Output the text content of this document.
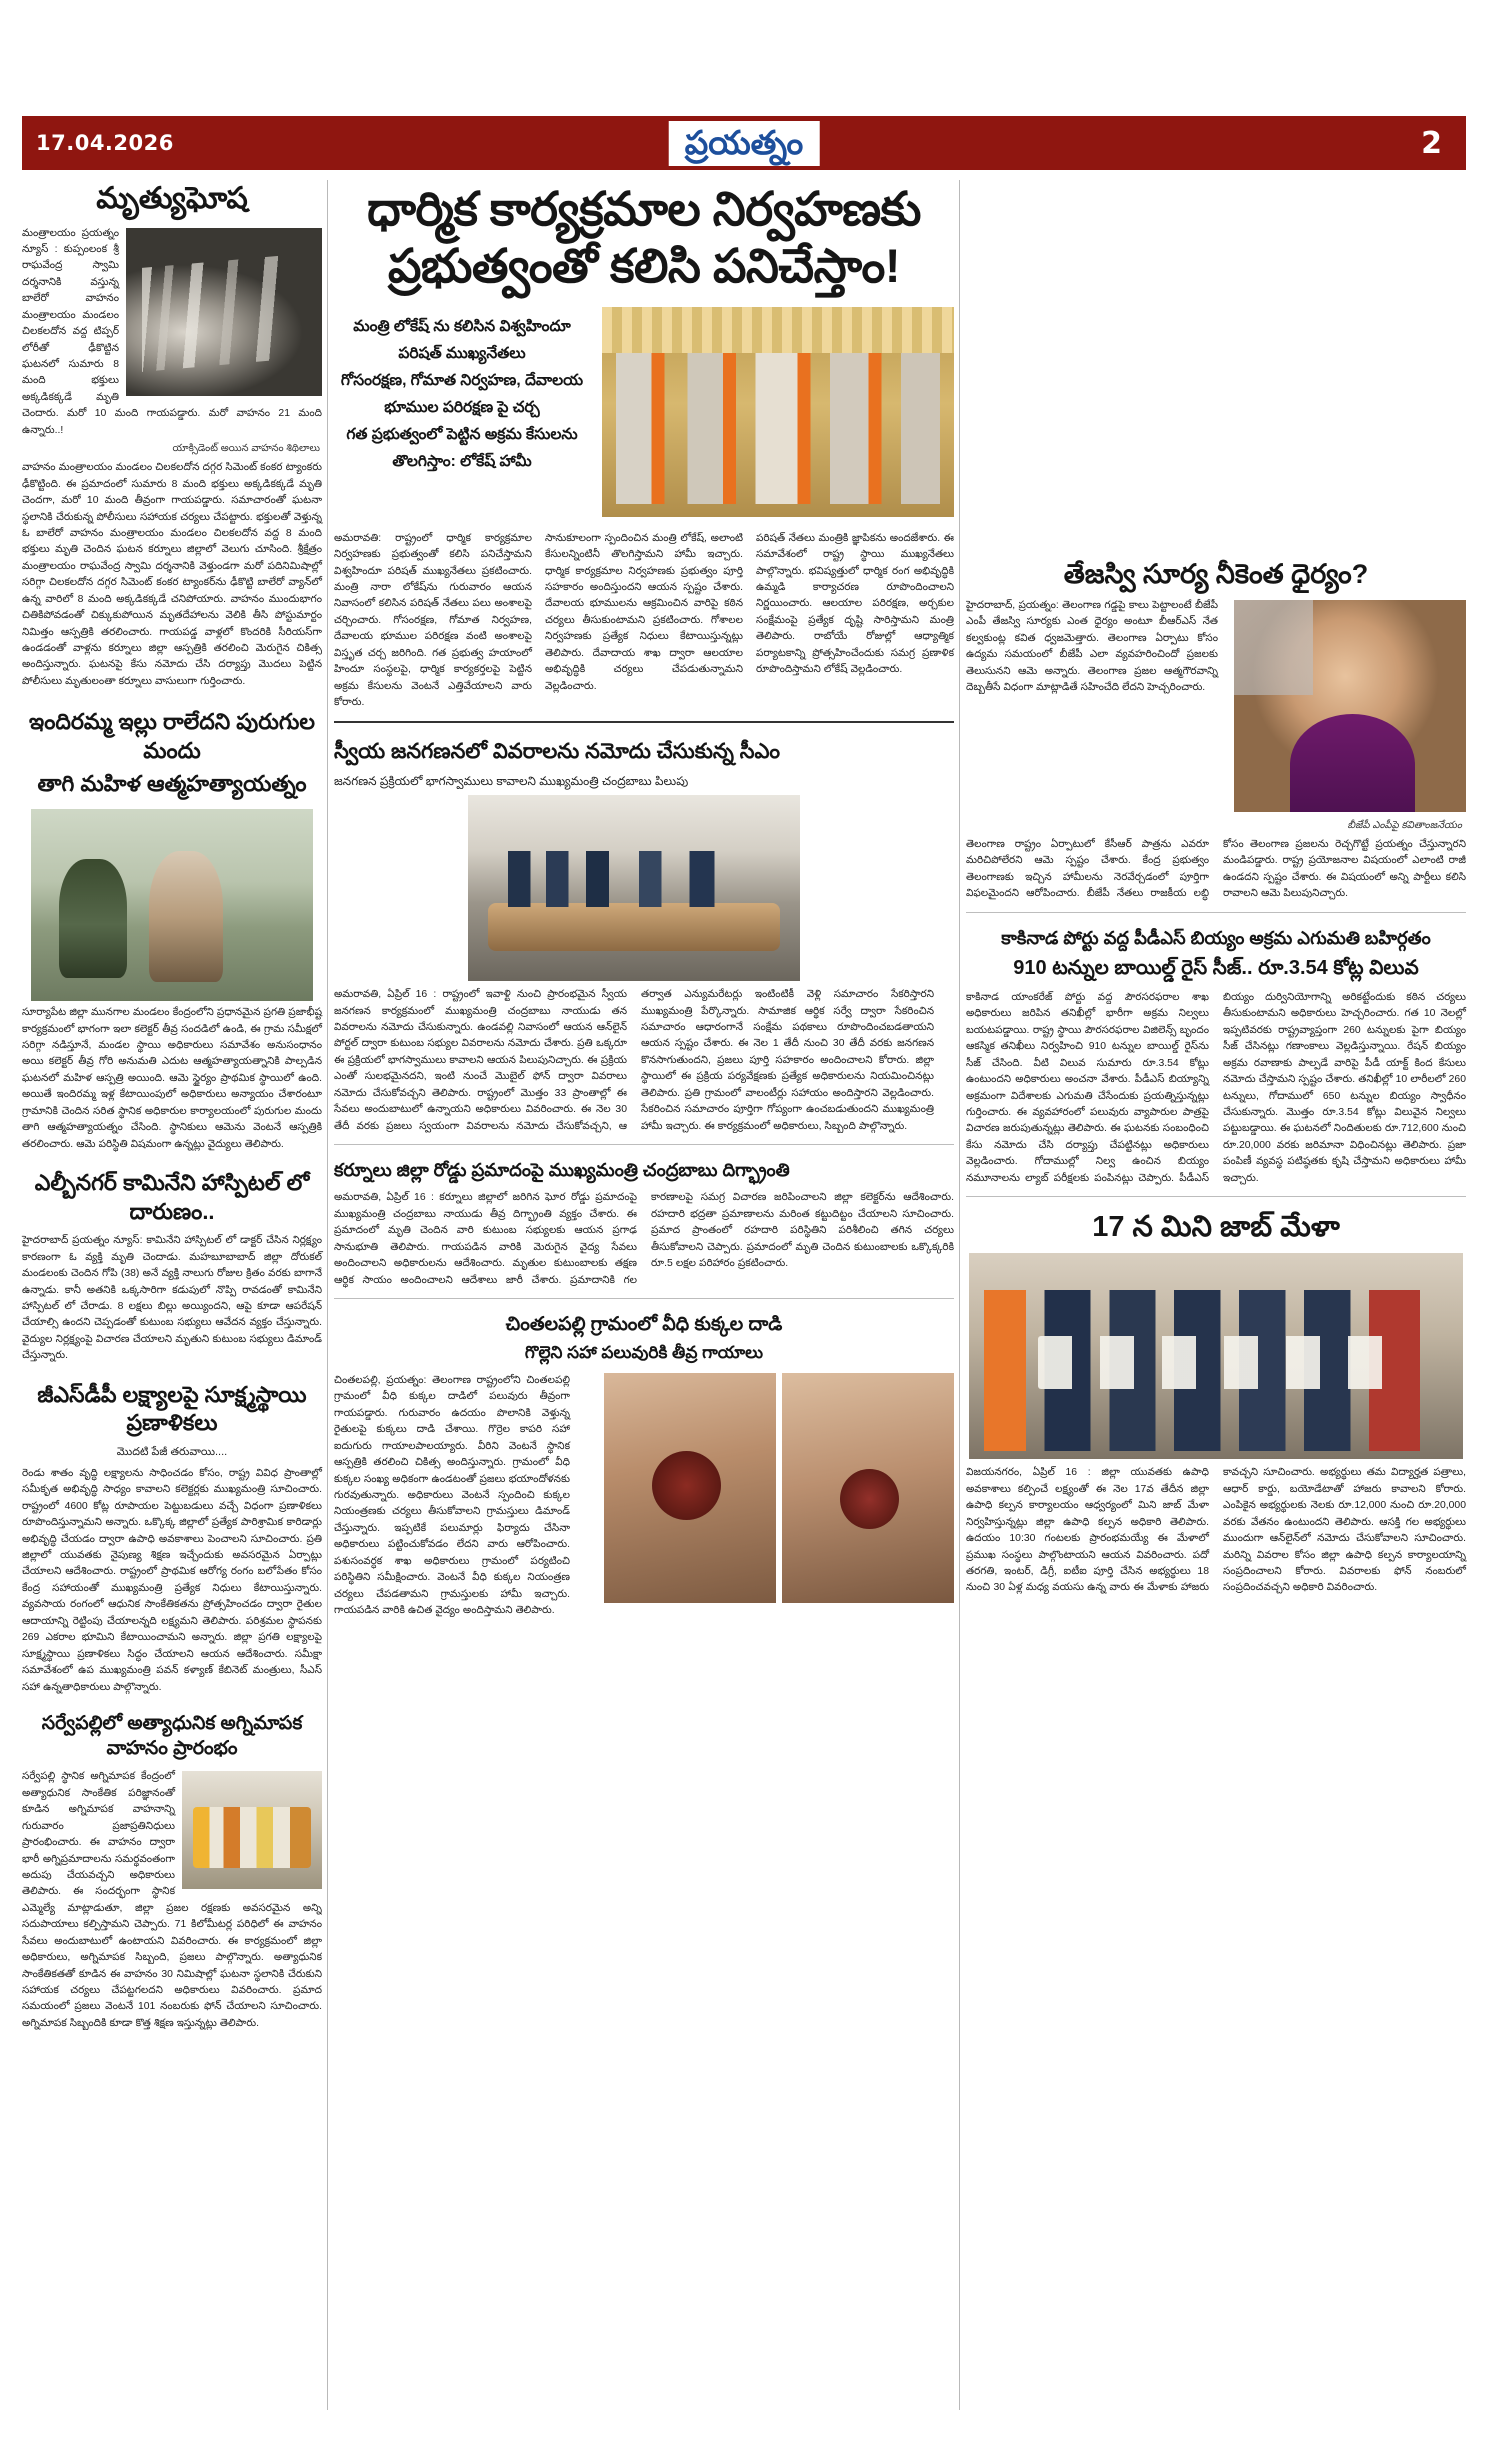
17.04.2026	ప్రయత్నం	2
మృత్యుఘోష
మంత్రాలయం ప్రయత్నం న్యూస్ : కుప్పంలంక శ్రీ రాఘవేంద్ర స్వామి దర్శనానికి వస్తున్న బాలేరో వాహనం మంత్రాలయం మండలం చిలకలదోన వద్ద టిప్పర్ లోరీతో ఢీకొట్టిన ఘటనలో సుమారు 8 మంది భక్తులు అక్కడికక్కడే మృతి చెందారు. మరో 10 మంది గాయపడ్డారు. మరో వాహనం 21 మంది ఉన్నారు..!
యాక్సిడెంట్ అయిన వాహనం శిథిలాలు
వాహనం మంత్రాలయం మండలం చిలకలదోన దగ్గర సిమెంట్ కంకర ట్యాంకరు ఢీకొట్టింది. ఈ ప్రమాదంలో సుమారు 8 మంది భక్తులు అక్కడికక్కడే మృతి చెందగా, మరో 10 మంది తీవ్రంగా గాయపడ్డారు. సమాచారంతో ఘటనా స్థలానికి చేరుకున్న పోలీసులు సహాయక చర్యలు చేపట్టారు. భక్తులతో వెళ్తున్న ఓ బాలేరో వాహనం మంత్రాలయం మండలం చిలకలదోన వద్ద 8 మంది భక్తులు మృతి చెందిన ఘటన కర్నూలు జిల్లాలో వెలుగు చూసింది. శ్రీక్షేత్రం మంత్రాలయం రాఘవేంద్ర స్వామి దర్శనానికి వెళ్తుండగా మరో పదినిమిషాల్లో సరిగ్గా చిలకలదోన దగ్గర సిమెంట్ కంకర ట్యాంకర్‌ను ఢీకొట్టి బాలేరో వ్యాన్‌లో ఉన్న వారిలో 8 మంది అక్కడికక్కడే చనిపోయారు. వాహనం ముందుభాగం చితికిపోవడంతో చిక్కుకుపోయిన మృతదేహాలను వెలికి తీసి పోస్టుమార్టం నిమిత్తం ఆస్పత్రికి తరలించారు. గాయపడ్డ వాళ్లలో కొందరికి సీరియస్‌గా ఉండడంతో వాళ్లను కర్నూలు జిల్లా ఆస్పత్రికి తరలించి మెరుగైన చికిత్స అందిస్తున్నారు. ఘటనపై కేసు నమోదు చేసి దర్యాప్తు మొదలు పెట్టిన పోలీసులు మృతులంతా కర్నూలు వాసులుగా గుర్తించారు.
ఇందిరమ్మ ఇల్లు రాలేదని పురుగుల మందు
తాగి మహిళ ఆత్మహత్యాయత్నం
సూర్యాపేట జిల్లా మునగాల మండలం కేంద్రంలోని ప్రధానమైన ప్రగతి ప్రజాభీష్ట కార్యక్రమంలో భాగంగా ఇలా కలెక్టర్ తీవ్ర సందడిలో ఉండి, ఈ గ్రామ సమీక్షలో సరిగ్గా నడిస్తూనే, మండల స్థాయి అధికారులు సమావేశం అనుసంధానం అయి కలెక్టర్ తీవ్ర గోరి అనుమతి ఎదుట ఆత్మహత్యాయత్నానికి పాల్పడిన ఘటనలో మహిళ ఆస్పత్రి అయింది. ఆమె స్థైర్యం ప్రాథమిక స్థాయిలో ఉంది. అయితే ఇందిరమ్మ ఇళ్ల కేటాయింపులో అధికారులు అన్యాయం చేశారంటూ గ్రామానికి చెందిన సరిత స్థానిక అధికారుల కార్యాలయంలో పురుగుల మందు తాగి ఆత్మహత్యాయత్నం చేసింది. స్థానికులు ఆమెను వెంటనే ఆస్పత్రికి తరలించారు. ఆమె పరిస్థితి విషమంగా ఉన్నట్లు వైద్యులు తెలిపారు.
ఎల్బీనగర్ కామినేని హాస్పిటల్ లో దారుణం..
హైదరాబాద్ ప్రయత్నం న్యూస్: కామినేని హాస్పిటల్ లో డాక్టర్ చేసిన నిర్లక్ష్యం కారణంగా ఓ వ్యక్తి మృతి చెందాడు. మహబూబాబాద్ జిల్లా దోరుకల్ మండలంకు చెందిన గోపి (38) అనే వ్యక్తి నాలుగు రోజుల క్రితం వరకు బాగానే ఉన్నాడు. కానీ అతనికి ఒక్కసారిగా కడుపులో నొప్పి రావడంతో కామినేని హాస్పిటల్ లో చేరాడు. 8 లక్షలు బిల్లు అయ్యిందని, ఆపై కూడా ఆపరేషన్ చేయాల్సి ఉందని చెప్పడంతో కుటుంబ సభ్యులు ఆవేదన వ్యక్తం చేస్తున్నారు. వైద్యుల నిర్లక్ష్యంపై విచారణ చేయాలని మృతుని కుటుంబ సభ్యులు డిమాండ్ చేస్తున్నారు.
జీఎస్‌డీపీ లక్ష్యాలపై సూక్ష్మస్థాయి ప్రణాళికలు
మొదటి పేజీ తరువాయి....
రెండు శాతం వృద్ధి లక్ష్యాలను సాధించడం కోసం, రాష్ట్ర వివిధ ప్రాంతాల్లో సమీకృత అభివృద్ధి సాధ్యం కావాలని కలెక్టర్లకు ముఖ్యమంత్రి సూచించారు. రాష్ట్రంలో 4600 కోట్ల రూపాయల పెట్టుబడులు వచ్చే విధంగా ప్రణాళికలు రూపొందిస్తున్నామని అన్నారు. ఒక్కొక్క జిల్లాలో ప్రత్యేక పారిశ్రామిక కారిడార్లు అభివృద్ధి చేయడం ద్వారా ఉపాధి అవకాశాలు పెంచాలని సూచించారు. ప్రతి జిల్లాలో యువతకు నైపుణ్య శిక్షణ ఇచ్చేందుకు అవసరమైన ఏర్పాట్లు చేయాలని ఆదేశించారు. రాష్ట్రంలో ప్రాథమిక ఆరోగ్య రంగం బలోపేతం కోసం కేంద్ర సహాయంతో ముఖ్యమంత్రి ప్రత్యేక నిధులు కేటాయిస్తున్నారు. వ్యవసాయ రంగంలో ఆధునిక సాంకేతికతను ప్రోత్సహించడం ద్వారా రైతుల ఆదాయాన్ని రెట్టింపు చేయాలన్నది లక్ష్యమని తెలిపారు. పరిశ్రమల స్థాపనకు 269 ఎకరాల భూమిని కేటాయించామని అన్నారు. జిల్లా ప్రగతి లక్ష్యాలపై సూక్ష్మస్థాయి ప్రణాళికలు సిద్ధం చేయాలని ఆయన ఆదేశించారు. సమీక్షా సమావేశంలో ఉప ముఖ్యమంత్రి పవన్ కళ్యాణ్ కేబినెట్ మంత్రులు, సీఎస్ సహా ఉన్నతాధికారులు పాల్గొన్నారు.
సర్వేపల్లిలో అత్యాధునిక అగ్నిమాపక వాహనం ప్రారంభం
సర్వేపల్లి స్థానిక అగ్నిమాపక కేంద్రంలో అత్యాధునిక సాంకేతిక పరిజ్ఞానంతో కూడిన అగ్నిమాపక వాహనాన్ని గురువారం ప్రజాప్రతినిధులు ప్రారంభించారు. ఈ వాహనం ద్వారా భారీ అగ్నిప్రమాదాలను సమర్థవంతంగా అదుపు చేయవచ్చని అధికారులు తెలిపారు. ఈ సందర్భంగా స్థానిక ఎమ్మెల్యే మాట్లాడుతూ, జిల్లా ప్రజల రక్షణకు అవసరమైన అన్ని సదుపాయాలు కల్పిస్తామని చెప్పారు. 71 కిలోమీటర్ల పరిధిలో ఈ వాహనం సేవలు అందుబాటులో ఉంటాయని వివరించారు. ఈ కార్యక్రమంలో జిల్లా అధికారులు, అగ్నిమాపక సిబ్బంది, ప్రజలు పాల్గొన్నారు. అత్యాధునిక సాంకేతికతతో కూడిన ఈ వాహనం 30 నిమిషాల్లో ఘటనా స్థలానికి చేరుకుని సహాయక చర్యలు చేపట్టగలదని అధికారులు వివరించారు. ప్రమాద సమయంలో ప్రజలు వెంటనే 101 నంబరుకు ఫోన్ చేయాలని సూచించారు. అగ్నిమాపక సిబ్బందికి కూడా కొత్త శిక్షణ ఇస్తున్నట్లు తెలిపారు.
ధార్మిక కార్యక్రమాల నిర్వహణకు
ప్రభుత్వంతో కలిసి పనిచేస్తాం!
మంత్రి లోకేష్ ను కలిసిన విశ్వహిందూ
పరిషత్ ముఖ్యనేతలు
గోసంరక్షణ, గోమాత నిర్వహణ, దేవాలయ
భూముల పరిరక్షణ పై చర్చ
గత ప్రభుత్వంలో పెట్టిన అక్రమ కేసులను
తొలగిస్తాం: లోకేష్ హామీ
అమరావతి: రాష్ట్రంలో ధార్మిక కార్యక్రమాల నిర్వహణకు ప్రభుత్వంతో కలిసి పనిచేస్తామని విశ్వహిందూ పరిషత్ ముఖ్యనేతలు ప్రకటించారు. మంత్రి నారా లోకేష్‌ను గురువారం ఆయన నివాసంలో కలిసిన పరిషత్ నేతలు పలు అంశాలపై చర్చించారు. గోసంరక్షణ, గోమాత నిర్వహణ, దేవాలయ భూముల పరిరక్షణ వంటి అంశాలపై విస్తృత చర్చ జరిగింది. గత ప్రభుత్వ హయాంలో హిందూ సంస్థలపై, ధార్మిక కార్యకర్తలపై పెట్టిన అక్రమ కేసులను వెంటనే ఎత్తివేయాలని వారు కోరారు.
సానుకూలంగా స్పందించిన మంత్రి లోకేష్, అలాంటి కేసులన్నింటినీ తొలగిస్తామని హామీ ఇచ్చారు. ధార్మిక కార్యక్రమాల నిర్వహణకు ప్రభుత్వం పూర్తి సహకారం అందిస్తుందని ఆయన స్పష్టం చేశారు. దేవాలయ భూములను ఆక్రమించిన వారిపై కఠిన చర్యలు తీసుకుంటామని ప్రకటించారు. గోశాలల నిర్వహణకు ప్రత్యేక నిధులు కేటాయిస్తున్నట్లు తెలిపారు. దేవాదాయ శాఖ ద్వారా ఆలయాల అభివృద్ధికి చర్యలు చేపడుతున్నామని వెల్లడించారు.
పరిషత్ నేతలు మంత్రికి జ్ఞాపికను అందజేశారు. ఈ సమావేశంలో రాష్ట్ర స్థాయి ముఖ్యనేతలు పాల్గొన్నారు. భవిష్యత్తులో ధార్మిక రంగ అభివృద్ధికి ఉమ్మడి కార్యాచరణ రూపొందించాలని నిర్ణయించారు. ఆలయాల పరిరక్షణ, అర్చకుల సంక్షేమంపై ప్రత్యేక దృష్టి సారిస్తామని మంత్రి తెలిపారు. రాబోయే రోజుల్లో ఆధ్యాత్మిక పర్యాటకాన్ని ప్రోత్సహించేందుకు సమగ్ర ప్రణాళిక రూపొందిస్తామని లోకేష్ వెల్లడించారు.
స్వీయ జనగణనలో వివరాలను నమోదు చేసుకున్న సీఎం
జనగణన ప్రక్రియలో భాగస్వాములు కావాలని ముఖ్యమంత్రి చంద్రబాబు పిలుపు
అమరావతి, ఏప్రిల్ 16 : రాష్ట్రంలో ఇవాళ్టి నుంచి ప్రారంభమైన స్వీయ జనగణన కార్యక్రమంలో ముఖ్యమంత్రి చంద్రబాబు నాయుడు తన వివరాలను నమోదు చేసుకున్నారు. ఉండవల్లి నివాసంలో ఆయన ఆన్‌లైన్ పోర్టల్ ద్వారా కుటుంబ సభ్యుల వివరాలను నమోదు చేశారు. ప్రతి ఒక్కరూ ఈ ప్రక్రియలో భాగస్వాములు కావాలని ఆయన పిలుపునిచ్చారు. ఈ ప్రక్రియ ఎంతో సులభమైనదని, ఇంటి నుంచే మొబైల్ ఫోన్ ద్వారా వివరాలు నమోదు చేసుకోవచ్చని తెలిపారు. రాష్ట్రంలో మొత్తం 33 ప్రాంతాల్లో ఈ సేవలు అందుబాటులో ఉన్నాయని అధికారులు వివరించారు. ఈ నెల 30 తేదీ వరకు ప్రజలు స్వయంగా వివరాలను నమోదు చేసుకోవచ్చని, ఆ తర్వాత ఎన్యుమరేటర్లు ఇంటింటికీ వెళ్లి సమాచారం సేకరిస్తారని ముఖ్యమంత్రి పేర్కొన్నారు. సామాజిక ఆర్థిక సర్వే ద్వారా సేకరించిన సమాచారం ఆధారంగానే సంక్షేమ పథకాలు రూపొందించబడతాయని ఆయన స్పష్టం చేశారు. ఈ నెల 1 తేదీ నుంచి 30 తేదీ వరకు జనగణన కొనసాగుతుందని, ప్రజలు పూర్తి సహకారం అందించాలని కోరారు. జిల్లా స్థాయిలో ఈ ప్రక్రియ పర్యవేక్షణకు ప్రత్యేక అధికారులను నియమించినట్లు తెలిపారు. ప్రతి గ్రామంలో వాలంటీర్లు సహాయం అందిస్తారని వెల్లడించారు. సేకరించిన సమాచారం పూర్తిగా గోప్యంగా ఉంచబడుతుందని ముఖ్యమంత్రి హామీ ఇచ్చారు. ఈ కార్యక్రమంలో అధికారులు, సిబ్బంది పాల్గొన్నారు.
కర్నూలు జిల్లా రోడ్డు ప్రమాదంపై ముఖ్యమంత్రి చంద్రబాబు దిగ్భ్రాంతి
అమరావతి, ఏప్రిల్ 16 : కర్నూలు జిల్లాలో జరిగిన ఘోర రోడ్డు ప్రమాదంపై ముఖ్యమంత్రి చంద్రబాబు నాయుడు తీవ్ర దిగ్భ్రాంతి వ్యక్తం చేశారు. ఈ ప్రమాదంలో మృతి చెందిన వారి కుటుంబ సభ్యులకు ఆయన ప్రగాఢ సానుభూతి తెలిపారు. గాయపడిన వారికి మెరుగైన వైద్య సేవలు అందించాలని అధికారులను ఆదేశించారు. మృతుల కుటుంబాలకు తక్షణ ఆర్థిక సాయం అందించాలని ఆదేశాలు జారీ చేశారు. ప్రమాదానికి గల కారణాలపై సమగ్ర విచారణ జరిపించాలని జిల్లా కలెక్టర్‌ను ఆదేశించారు. రహదారి భద్రతా ప్రమాణాలను మరింత కట్టుదిట్టం చేయాలని సూచించారు. ప్రమాద ప్రాంతంలో రహదారి పరిస్థితిని పరిశీలించి తగిన చర్యలు తీసుకోవాలని చెప్పారు. ప్రమాదంలో మృతి చెందిన కుటుంబాలకు ఒక్కొక్కరికి రూ.5 లక్షల పరిహారం ప్రకటించారు.
చింతలపల్లి గ్రామంలో వీధి కుక్కల దాడి
గొల్లెని సహా పలువురికి తీవ్ర గాయాలు
చింతలపల్లి, ప్రయత్నం: తెలంగాణ రాష్ట్రంలోని చింతలపల్లి గ్రామంలో వీధి కుక్కల దాడిలో పలువురు తీవ్రంగా గాయపడ్డారు. గురువారం ఉదయం పొలానికి వెళ్తున్న రైతులపై కుక్కలు దాడి చేశాయి. గొర్రెల కాపరి సహా ఐదుగురు గాయాలపాలయ్యారు. వీరిని వెంటనే స్థానిక ఆస్పత్రికి తరలించి చికిత్స అందిస్తున్నారు. గ్రామంలో వీధి కుక్కల సంఖ్య అధికంగా ఉండటంతో ప్రజలు భయాందోళనకు గురవుతున్నారు. అధికారులు వెంటనే స్పందించి కుక్కల నియంత్రణకు చర్యలు తీసుకోవాలని గ్రామస్తులు డిమాండ్ చేస్తున్నారు. ఇప్పటికే పలుమార్లు ఫిర్యాదు చేసినా అధికారులు పట్టించుకోవడం లేదని వారు ఆరోపించారు. పశుసంవర్ధక శాఖ అధికారులు గ్రామంలో పర్యటించి పరిస్థితిని సమీక్షించారు. వెంటనే వీధి కుక్కల నియంత్రణ చర్యలు చేపడతామని గ్రామస్తులకు హామీ ఇచ్చారు. గాయపడిన వారికి ఉచిత వైద్యం అందిస్తామని తెలిపారు.
తేజస్వి సూర్య నీకెంత ధైర్యం?
హైదరాబాద్, ప్రయత్నం: తెలంగాణ గడ్డపై కాలు పెట్టాలంటే బీజేపీ ఎంపీ తేజస్వి సూర్యకు ఎంత ధైర్యం అంటూ బీఆర్ఎస్ నేత కల్వకుంట్ల కవిత ధ్వజమెత్తారు. తెలంగాణ ఏర్పాటు కోసం ఉద్యమ సమయంలో బీజేపీ ఎలా వ్యవహరించిందో ప్రజలకు తెలుసునని ఆమె అన్నారు. తెలంగాణ ప్రజల ఆత్మగౌరవాన్ని దెబ్బతీసే విధంగా మాట్లాడితే సహించేది లేదని హెచ్చరించారు.
బీజేపీ ఎంపీపై కవితాంజనేయం
తెలంగాణ రాష్ట్రం ఏర్పాటులో కేసీఆర్ పాత్రను ఎవరూ మరిచిపోలేరని ఆమె స్పష్టం చేశారు. కేంద్ర ప్రభుత్వం తెలంగాణకు ఇచ్చిన హామీలను నెరవేర్చడంలో పూర్తిగా విఫలమైందని ఆరోపించారు. బీజేపీ నేతలు రాజకీయ లబ్ధి కోసం తెలంగాణ ప్రజలను రెచ్చగొట్టే ప్రయత్నం చేస్తున్నారని మండిపడ్డారు. రాష్ట్ర ప్రయోజనాల విషయంలో ఎలాంటి రాజీ ఉండదని స్పష్టం చేశారు. ఈ విషయంలో అన్ని పార్టీలు కలిసి రావాలని ఆమె పిలుపునిచ్చారు.
కాకినాడ పోర్టు వద్ద పీడీఎస్ బియ్యం అక్రమ ఎగుమతి బహిర్గతం
910 టన్నుల బాయిల్డ్ రైస్ సీజ్.. రూ.3.54 కోట్ల విలువ
కాకినాడ యాంకరేజ్ పోర్టు వద్ద పౌరసరఫరాల శాఖ అధికారులు జరిపిన తనిఖీల్లో భారీగా అక్రమ నిల్వలు బయటపడ్డాయి. రాష్ట్ర స్థాయి పౌరసరఫరాల విజిలెన్స్ బృందం ఆకస్మిక తనిఖీలు నిర్వహించి 910 టన్నుల బాయిల్డ్ రైస్‌ను సీజ్ చేసింది. వీటి విలువ సుమారు రూ.3.54 కోట్లు ఉంటుందని అధికారులు అంచనా వేశారు. పీడీఎస్ బియ్యాన్ని అక్రమంగా విదేశాలకు ఎగుమతి చేసేందుకు ప్రయత్నిస్తున్నట్లు గుర్తించారు. ఈ వ్యవహారంలో పలువురు వ్యాపారుల పాత్రపై విచారణ జరుపుతున్నట్లు తెలిపారు. ఈ ఘటనకు సంబంధించి కేసు నమోదు చేసి దర్యాప్తు చేపట్టినట్లు అధికారులు వెల్లడించారు. గోదాముల్లో నిల్వ ఉంచిన బియ్యం నమూనాలను ల్యాబ్ పరీక్షలకు పంపినట్లు చెప్పారు. పీడీఎస్ బియ్యం దుర్వినియోగాన్ని అరికట్టేందుకు కఠిన చర్యలు తీసుకుంటామని అధికారులు హెచ్చరించారు. గత 10 నెలల్లో ఇప్పటివరకు రాష్ట్రవ్యాప్తంగా 260 టన్నులకు పైగా బియ్యం సీజ్ చేసినట్లు గణాంకాలు వెల్లడిస్తున్నాయి. రేషన్ బియ్యం అక్రమ రవాణాకు పాల్పడే వారిపై పీడీ యాక్ట్ కింద కేసులు నమోదు చేస్తామని స్పష్టం చేశారు. తనిఖీల్లో 10 లారీలలో 260 టన్నులు, గోదాములో 650 టన్నుల బియ్యం స్వాధీనం చేసుకున్నారు. మొత్తం రూ.3.54 కోట్లు విలువైన నిల్వలు పట్టుబడ్డాయి. ఈ ఘటనలో నిందితులకు రూ.712,600 నుంచి రూ.20,000 వరకు జరిమానా విధించినట్లు తెలిపారు. ప్రజా పంపిణీ వ్యవస్థ పటిష్ఠతకు కృషి చేస్తామని అధికారులు హామీ ఇచ్చారు.
17 న మిని జాబ్ మేళా
విజయనగరం, ఏప్రిల్ 16 : జిల్లా యువతకు ఉపాధి అవకాశాలు కల్పించే లక్ష్యంతో ఈ నెల 17వ తేదీన జిల్లా ఉపాధి కల్పన కార్యాలయం ఆధ్వర్యంలో మిని జాబ్ మేళా నిర్వహిస్తున్నట్లు జిల్లా ఉపాధి కల్పన అధికారి తెలిపారు. ఉదయం 10:30 గంటలకు ప్రారంభమయ్యే ఈ మేళాలో ప్రముఖ సంస్థలు పాల్గొంటాయని ఆయన వివరించారు. పదో తరగతి, ఇంటర్, డిగ్రీ, ఐటీఐ పూర్తి చేసిన అభ్యర్థులు 18 నుంచి 30 ఏళ్ల మధ్య వయసు ఉన్న వారు ఈ మేళాకు హాజరు కావచ్చని సూచించారు. అభ్యర్థులు తమ విద్యార్హత పత్రాలు, ఆధార్ కార్డు, బయోడేటాతో హాజరు కావాలని కోరారు. ఎంపికైన అభ్యర్థులకు నెలకు రూ.12,000 నుంచి రూ.20,000 వరకు వేతనం ఉంటుందని తెలిపారు. ఆసక్తి గల అభ్యర్థులు ముందుగా ఆన్‌లైన్‌లో నమోదు చేసుకోవాలని సూచించారు. మరిన్ని వివరాల కోసం జిల్లా ఉపాధి కల్పన కార్యాలయాన్ని సంప్రదించాలని కోరారు. వివరాలకు ఫోన్ నంబరులో సంప్రదించవచ్చని అధికారి వివరించారు.
